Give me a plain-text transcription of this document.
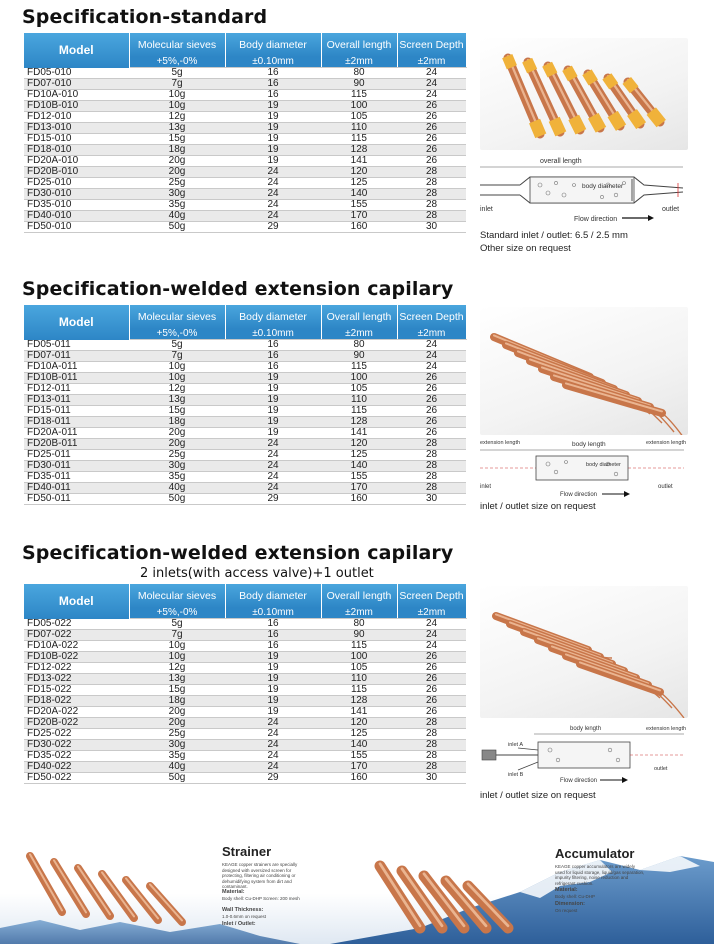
Specification-standard
Specification-welded extension capilary
Specification-welded extension capilary
2 inlets(with access valve)+1 outlet
Model	Molecular sieves	Body diameter	Overall length	Screen Depth
	+5%,-0%	±0.10mm	±2mm	±2mm
FD05-010	5g	16	80	24
FD07-010	7g	16	90	24
FD10A-010	10g	16	115	24
FD10B-010	10g	19	100	26
FD12-010	12g	19	105	26
FD13-010	13g	19	110	26
FD15-010	15g	19	115	26
FD18-010	18g	19	128	26
FD20A-010	20g	19	141	26
FD20B-010	20g	24	120	28
FD25-010	25g	24	125	28
FD30-010	30g	24	140	28
FD35-010	35g	24	155	28
FD40-010	40g	24	170	28
FD50-010	50g	29	160	30
Model	Molecular sieves	Body diameter	Overall length	Screen Depth
	+5%,-0%	±0.10mm	±2mm	±2mm
FD05-011	5g	16	80	24
FD07-011	7g	16	90	24
FD10A-011	10g	16	115	24
FD10B-011	10g	19	100	26
FD12-011	12g	19	105	26
FD13-011	13g	19	110	26
FD15-011	15g	19	115	26
FD18-011	18g	19	128	26
FD20A-011	20g	19	141	26
FD20B-011	20g	24	120	28
FD25-011	25g	24	125	28
FD30-011	30g	24	140	28
FD35-011	35g	24	155	28
FD40-011	40g	24	170	28
FD50-011	50g	29	160	30
Model	Molecular sieves	Body diameter	Overall length	Screen Depth
	+5%,-0%	±0.10mm	±2mm	±2mm
FD05-022	5g	16	80	24
FD07-022	7g	16	90	24
FD10A-022	10g	16	115	24
FD10B-022	10g	19	100	26
FD12-022	12g	19	105	26
FD13-022	13g	19	110	26
FD15-022	15g	19	115	26
FD18-022	18g	19	128	26
FD20A-022	20g	19	141	26
FD20B-022	20g	24	120	28
FD25-022	25g	24	125	28
FD30-022	30g	24	140	28
FD35-022	35g	24	155	28
FD40-022	40g	24	170	28
FD50-022	50g	29	160	30
overall length
body diameter
inlet	outlet
Flow direction
Standard inlet / outlet: 6.5 / 2.5 mm
Other size on request
extension length	body length	extension length
body diameter
inlet	outlet
Flow direction
inlet / outlet size on request
body length	extension length
inlet A
inlet B
outlet
Flow direction
inlet / outlet size on request
Strainer
KEAGE copper strainers are specially designed with oversized screen for protecting, filtering air conditioning or dehumidifying system from dirt and contaminant.
Material:
Body shell: Cu-DHP Screen: 200 mesh
Wall Thickness:
1.0-0.6mm on request
Inlet / Outlet:
Accumulator
KEAGE copper accumulators are widely used for liquid storage, liquid/gas separation, impurity filtering, noise reduction and refrigerant cushion.
Material:
Body shell: Cu-DHP
Dimension:
On request
